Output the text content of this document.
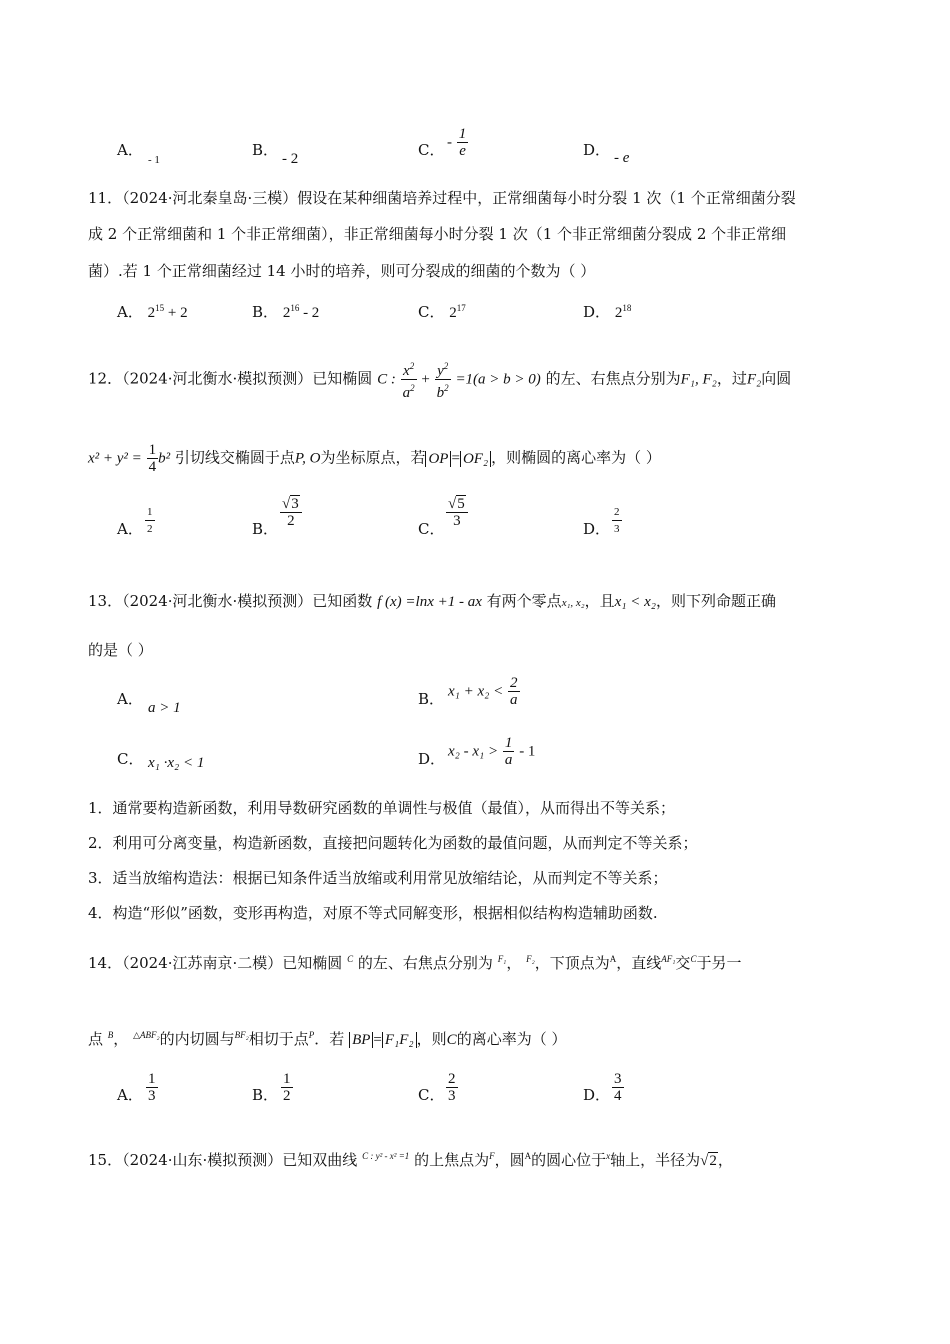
A．
- 1
B． - 2	C． - $\frac{1}{e}$	D． - e
11．（2024·河北秦皇岛·三模）假设在某种细菌培养过程中，正常细菌每小时分裂 1 次（1 个正常细菌分裂
成 2 个正常细菌和 1 个非正常细菌），非正常细菌每小时分裂 1 次（1 个非正常细菌分裂成 2 个非正常细
菌）.若 1 个正常细菌经过 14 小时的培养，则可分裂成的细菌的个数为（ ）
A． $2^{15} + 2$	B． $2^{16} - 2$	C． $2^{17}$	D． $2^{18}$
12．（2024·河北衡水·模拟预测）已知椭圆 C : $\frac{x^2}{a^2} + \frac{y^2}{b^2} =1(a > b > 0)$ 的左、右焦点分别为F₁, F₂，过F₂向圆
$x^2 + y^2 = \frac{1}{4} b^2$ 引切线交椭圆于点P, O为坐标原点，若 OP = OF₂ ，则椭圆的离心率为（ ）
A． $\frac{1}{2}$	B． $\frac{√3}{2}$	C． $\frac{√5}{3}$	D． $\frac{2}{3}$
13．（2024·河北衡水·模拟预测）已知函数 f (x) =lnx +1 - ax 有两个零点x₁, x₂，且x₁ < x₂，则下列命题正确
的是（ ）
A． a > 1	B． $x_1 + x_2 < \frac{2}{a}$
C． x₁ ·x₂ < 1	D． $x_2 - x_1 > \frac{1}{a} - 1$
1．通常要构造新函数，利用导数研究函数的单调性与极值（最值），从而得出不等关系；
2．利用可分离变量，构造新函数，直接把问题转化为函数的最值问题，从而判定不等关系；
3．适当放缩构造法：根据已知条件适当放缩或利用常见放缩结论，从而判定不等关系；
4．构造“形似”函数，变形再构造，对原不等式同解变形，根据相似结构构造辅助函数.
14．（2024·江苏南京·二模）已知椭圆 $^C$ 的左、右焦点分别为 $^{F_1}$， $^{F_2}$，下顶点为$^A$，直线$^{AF_1}$交$^C$于另一
点 $^B$， $^{\triangle ABF_2}$的内切圆与$^{BF_2}$相切于点$^P$．若 BP = F₁F₂ ，则C的离心率为（ ）
A． $\frac{1}{3}$	B． $\frac{1}{2}$	C． $\frac{2}{3}$	D． $\frac{3}{4}$
15．（2024·山东·模拟预测）已知双曲线 $^{C : y^2 - x^2 =1}$ 的上焦点为$^F$，圆$^A$的圆心位于$^x$轴上，半径为√2，
